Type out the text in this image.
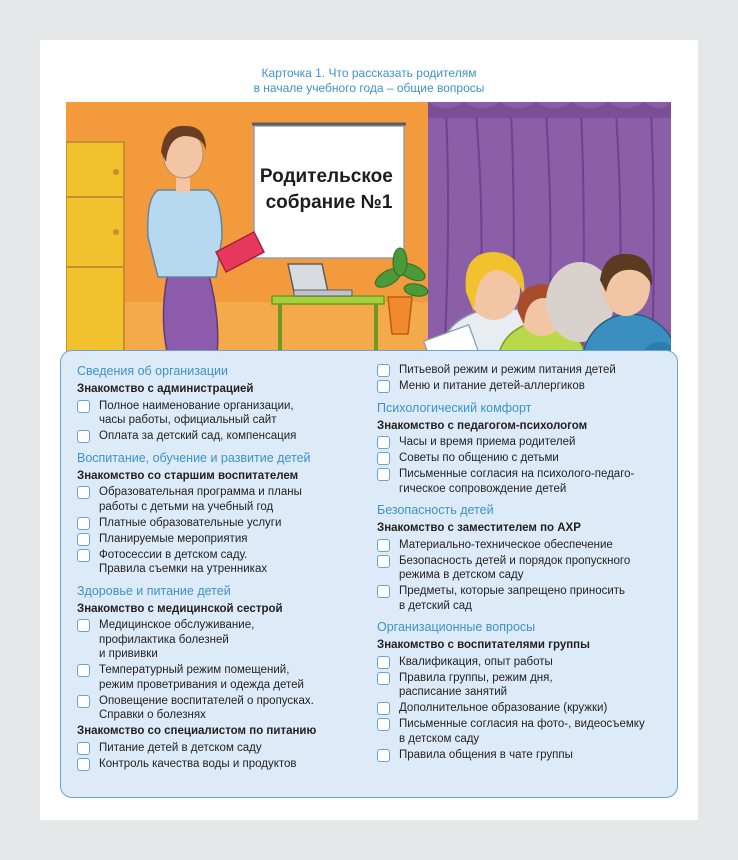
Карточка 1. Что рассказать родителям
в начале учебного года – общие вопросы
Родительское собрание №1
Сведения об организации
Знакомство с администрацией
Полное наименование организации,
часы работы, официальный сайт
Оплата за детский сад, компенсация
Воспитание, обучение и развитие детей
Знакомство со старшим воспитателем
Образовательная программа и планы
работы с детьми на учебный год
Платные образовательные услуги
Планируемые мероприятия
Фотосессии в детском саду.
Правила съемки на утренниках
Здоровье и питание детей
Знакомство с медицинской сестрой
Медицинское обслуживание,
профилактика болезней
и прививки
Температурный режим помещений,
режим проветривания и одежда детей
Оповещение воспитателей о пропусках.
Справки о болезнях
Знакомство со специалистом по питанию
Питание детей в детском саду
Контроль качества воды и продуктов
Питьевой режим и режим питания детей
Меню и питание детей-аллергиков
Психологический комфорт
Знакомство с педагогом-психологом
Часы и время приема родителей
Советы по общению с детьми
Письменные согласия на психолого-педаго-
гическое сопровождение детей
Безопасность детей
Знакомство с заместителем по АХР
Материально-техническое обеспечение
Безопасность детей и порядок пропускного
режима в детском саду
Предметы, которые запрещено приносить
в детский сад
Организационные вопросы
Знакомство с воспитателями группы
Квалификация, опыт работы
Правила группы, режим дня,
расписание занятий
Дополнительное образование (кружки)
Письменные согласия на фото-, видеосъемку
в детском саду
Правила общения в чате группы
